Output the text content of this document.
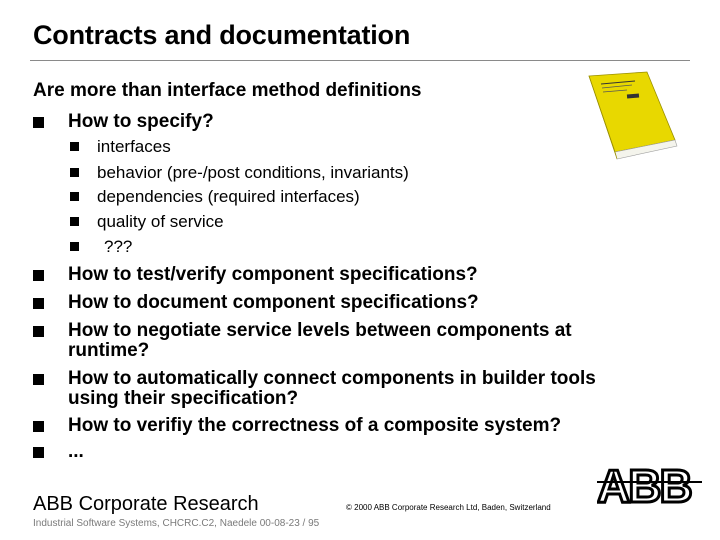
Contracts and documentation
Are more than interface method definitions
How to specify?
interfaces
behavior (pre-/post conditions, invariants)
dependencies (required interfaces)
quality of service
???
How to test/verify component specifications?
How to document component specifications?
How to negotiate service levels between components at
runtime?
How to automatically connect components in builder tools
using their specification?
How to verifiy the correctness of a composite system?
...
ABB Corporate Research
Industrial Software Systems, CHCRC.C2, Naedele 00-08-23 / 95
© 2000 ABB Corporate Research Ltd, Baden, Switzerland ABB
